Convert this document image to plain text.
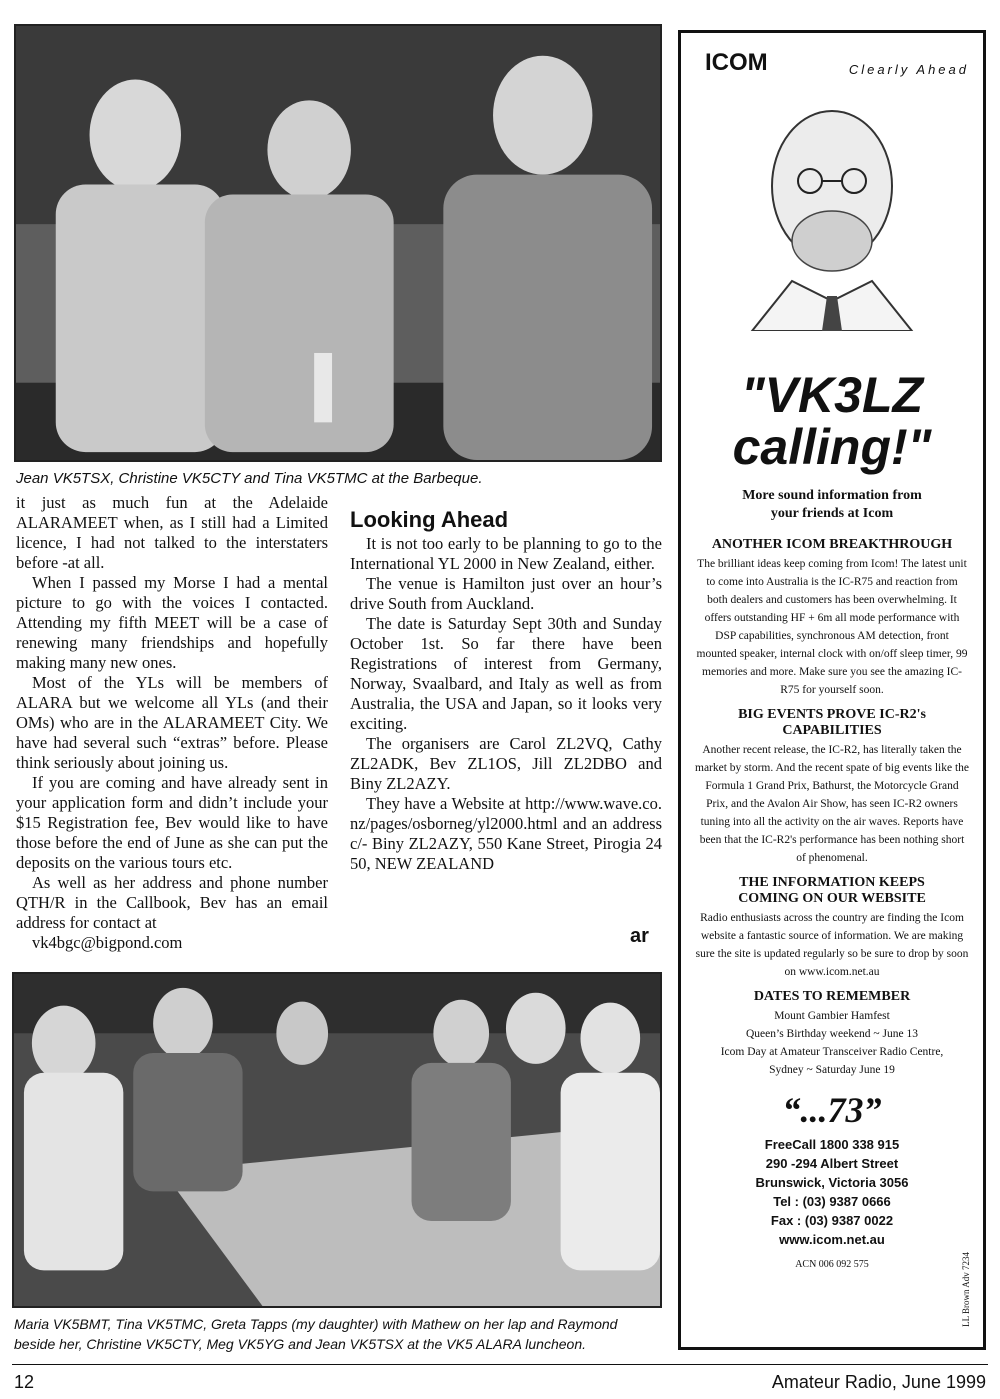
Jean VK5TSX, Christine VK5CTY and Tina VK5TMC at the Barbeque.

it just as much fun at the Adelaide ALARAMEET when, as I still had a Limited licence, I had not talked to the interstaters before -at all.

When I passed my Morse I had a mental picture to go with the voices I contacted. Attending my fifth MEET will be a case of renewing many friendships and hopefully making many new ones.

Most of the YLs will be members of ALARA but we welcome all YLs (and their OMs) who are in the ALARAMEET City. We have had several such “extras” before. Please think seriously about joining us.

If you are coming and have already sent in your application form and didn’t include your $15 Registration fee, Bev would like to have those before the end of June as she can put the deposits on the various tours etc.

As well as her address and phone number QTH/R in the Callbook, Bev has an email address for contact at

vk4bgc@bigpond.com

Looking Ahead

It is not too early to be planning to go to the International YL 2000 in New Zealand, either.

The venue is Hamilton just over an hour’s drive South from Auckland.

The date is Saturday Sept 30th and Sunday October 1st. So far there have been Registrations of interest from Germany, Norway, Svaalbard, and Italy as well as from Australia, the USA and Japan, so it looks very exciting.

The organisers are Carol ZL2VQ, Cathy ZL2ADK, Bev ZL1OS, Jill ZL2DBO and Biny ZL2AZY.

They have a Website at http://www.wave.co.nz/pages/osborneg/yl2000.html and an address c/- Biny ZL2AZY, 550 Kane Street, Pirogia 2450, NEW ZEALAND

ar
Maria VK5BMT, Tina VK5TMC, Greta Tapps (my daughter) with Mathew on her lap and Raymond
beside her, Christine VK5CTY, Meg VK5YG and Jean VK5TSX at the VK5 ALARA luncheon.
ICOM	Clearly Ahead
"VK3LZ
calling!"
More sound information from
your friends at Icom
ANOTHER ICOM BREAKTHROUGH
The brilliant ideas keep coming from Icom! The latest unit to come into Australia is the IC-R75 and reaction from both dealers and customers has been overwhelming. It offers outstanding HF + 6m all mode performance with DSP capabilities, synchronous AM detection, front mounted speaker, internal clock with on/off sleep timer, 99 memories and more. Make sure you see the amazing IC-R75 for yourself soon.
BIG EVENTS PROVE IC-R2's CAPABILITIES
Another recent release, the IC-R2, has literally taken the market by storm. And the recent spate of big events like the Formula 1 Grand Prix, Bathurst, the Motorcycle Grand Prix, and the Avalon Air Show, has seen IC-R2 owners tuning into all the activity on the air waves. Reports have been that the IC-R2's performance has been nothing short of phenomenal.
THE INFORMATION KEEPS COMING ON OUR WEBSITE
Radio enthusiasts across the country are finding the Icom website a fantastic source of information. We are making sure the site is updated regularly so be sure to drop by soon on www.icom.net.au
DATES TO REMEMBER
Mount Gambier Hamfest
Queen’s Birthday weekend ~ June 13
Icom Day at Amateur Transceiver Radio Centre,
Sydney ~ Saturday June 19
“...73”
FreeCall 1800 338 915
290 -294 Albert Street
Brunswick, Victoria 3056
Tel : (03) 9387 0666
Fax : (03) 9387 0022
www.icom.net.au
ACN 006 092 575	LL Brown Adv 7234
12	Amateur Radio, June 1999
